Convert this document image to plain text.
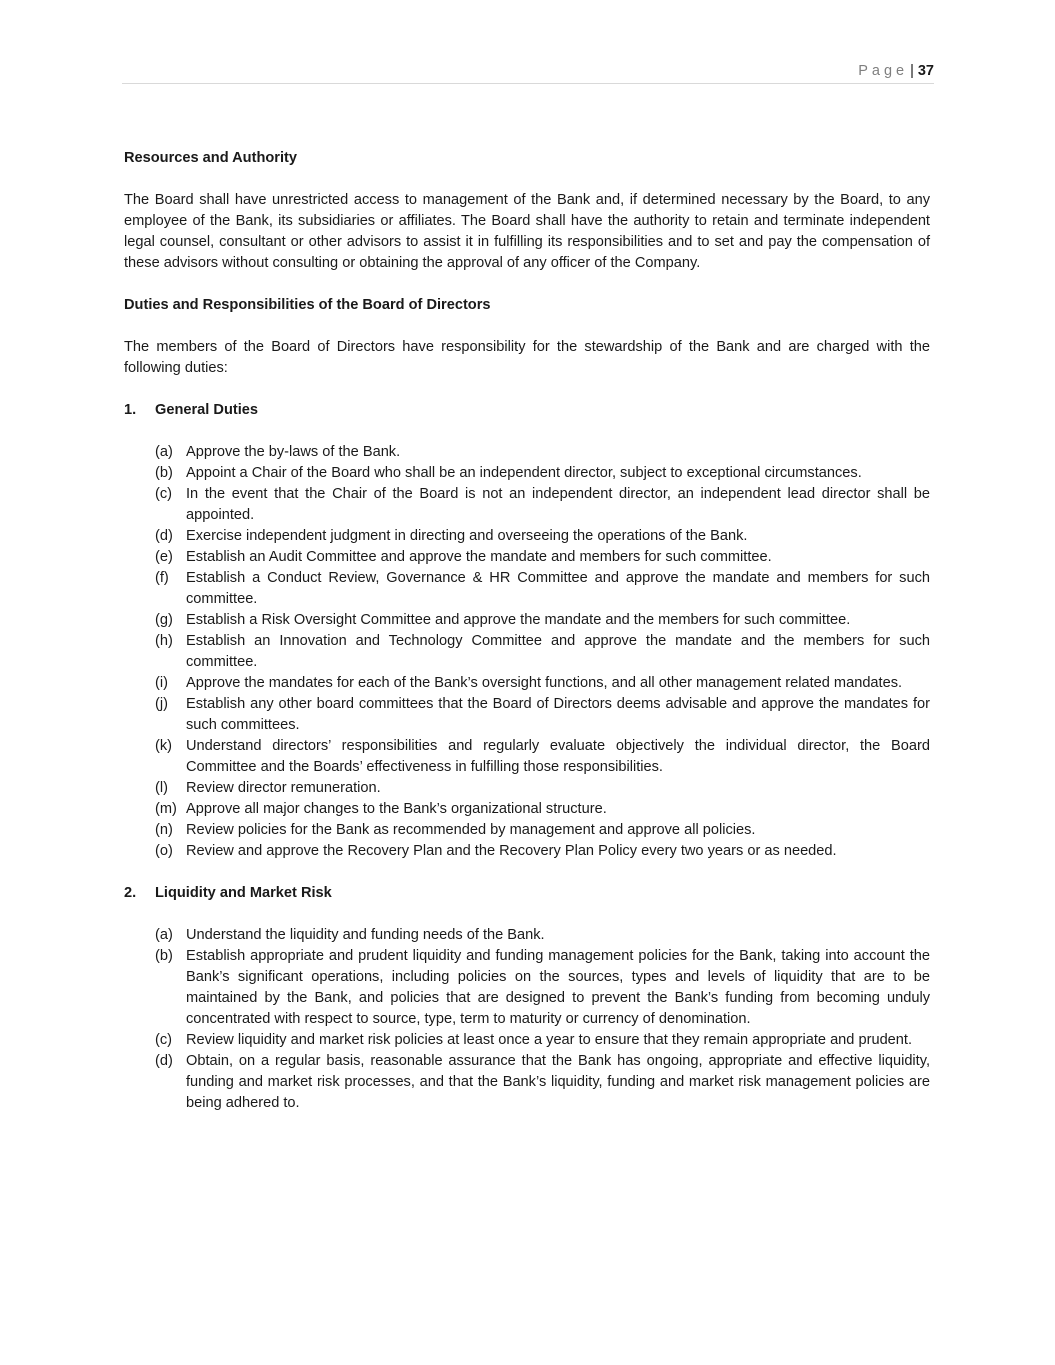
Page | 37

Resources and Authority

The Board shall have unrestricted access to management of the Bank and, if determined necessary by the Board, to any employee of the Bank, its subsidiaries or affiliates. The Board shall have the authority to retain and terminate independent legal counsel, consultant or other advisors to assist it in fulfilling its responsibilities and to set and pay the compensation of these advisors without consulting or obtaining the approval of any officer of the Company.

Duties and Responsibilities of the Board of Directors

The members of the Board of Directors have responsibility for the stewardship of the Bank and are charged with the following duties:

1.	General Duties

(a) Approve the by-laws of the Bank.
(b) Appoint a Chair of the Board who shall be an independent director, subject to exceptional circumstances.
(c) In the event that the Chair of the Board is not an independent director, an independent lead director shall be appointed.
(d) Exercise independent judgment in directing and overseeing the operations of the Bank.
(e) Establish an Audit Committee and approve the mandate and members for such committee.
(f)	Establish a Conduct Review, Governance & HR Committee and approve the mandate and members for such committee.
(g) Establish a Risk Oversight Committee and approve the mandate and the members for such committee.
(h) Establish an Innovation and Technology Committee and approve the mandate and the members for such committee.
(i)	Approve the mandates for each of the Bank’s oversight functions, and all other management related mandates.
(j)	Establish any other board committees that the Board of Directors deems advisable and approve the mandates for such committees.
(k) Understand directors’ responsibilities and regularly evaluate objectively the individual director, the Board Committee and the Boards’ effectiveness in fulfilling those responsibilities.
(l)	Review director remuneration.
(m) Approve all major changes to the Bank’s organizational structure.
(n) Review policies for the Bank as recommended by management and approve all policies.
(o) Review and approve the Recovery Plan and the Recovery Plan Policy every two years or as needed.

2.	Liquidity and Market Risk

(a) Understand the liquidity and funding needs of the Bank.
(b) Establish appropriate and prudent liquidity and funding management policies for the Bank, taking into account the Bank’s significant operations, including policies on the sources, types and levels of liquidity that are to be maintained by the Bank, and policies that are designed to prevent the Bank’s funding from becoming unduly concentrated with respect to source, type, term to maturity or currency of denomination.
(c) Review liquidity and market risk policies at least once a year to ensure that they remain appropriate and prudent.
(d) Obtain, on a regular basis, reasonable assurance that the Bank has ongoing, appropriate and effective liquidity, funding and market risk processes, and that the Bank’s liquidity, funding and market risk management policies are being adhered to.
